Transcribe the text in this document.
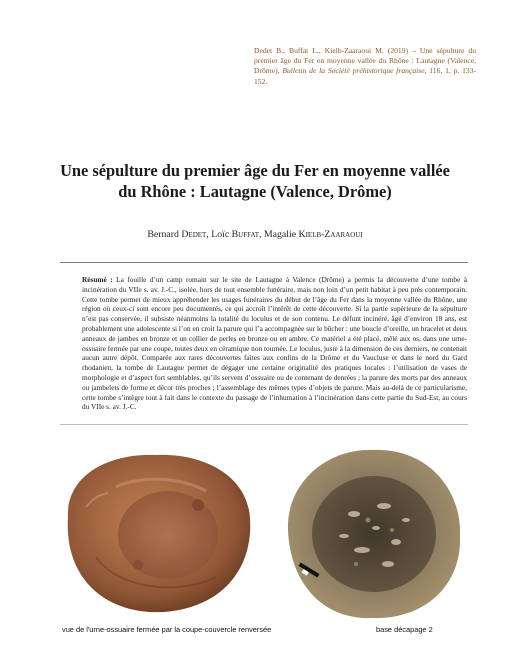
Dedet B., Buffat L., Kielb-Zaaraoui M. (2019) – Une sépulture du premier âge du Fer en moyenne vallée du Rhône : Lautagne (Valence, Drôme), Bulletin de la Société préhistorique française, 116, 1, p. 133-152.
Une sépulture du premier âge du Fer en moyenne vallée du Rhône : Lautagne (Valence, Drôme)
Bernard Dedet, Loïc Buffat, Magalie Kielb-Zaaraoui
Résumé : La fouille d’un camp romain sur le site de Lautagne à Valence (Drôme) a permis la découverte d’une tombe à incinération du VIIe s. av. J.-C., isolée, hors de tout ensemble funéraire, mais non loin d’un petit habitat à peu près contemporain. Cette tombe permet de mieux appréhender les usages funéraires du début de l’âge du Fer dans la moyenne vallée du Rhône, une région où ceux-ci sont encore peu documentés, ce qui accroît l’intérêt de cette découverte. Si la partie supérieure de la sépulture n’est pas conservée, il subsiste néanmoins la totalité du loculus et de son contenu. Le défunt incinéré, âgé d’environ 18 ans, est probablement une adolescente si l’on en croit la parure qui l’a accompagnée sur le bûcher : une boucle d’oreille, un bracelet et deux anneaux de jambes en bronze et un collier de perles en bronze ou en ambre. Ce matériel a été placé, mêlé aux os, dans une urne-ossuaire fermée par une coupe, toutes deux en céramique non tournée. Le loculus, juste à la dimension de ces derniers, ne contenait aucun autre dépôt. Comparée aux rares découvertes faites aux confins de la Drôme et du Vaucluse et dans le nord du Gard rhodanien, la tombe de Lautagne permet de dégager une certaine originalité des pratiques locales : l’utilisation de vases de morphologie et d’aspect fort semblables, qu’ils servent d’ossuaire ou de contenant de denrées ; la parure des morts par des anneaux ou jambelets de forme et décor très proches ; l’assemblage des mêmes types d’objets de parure. Mais au-delà de ce particularisme, cette tombe s’intègre tout à fait dans le contexte du passage de l’inhumation à l’incinération dans cette partie du Sud-Est, au cours du VIIe s. av. J.-C.
vue de l'urne-ossuaire fermée par la coupe-couvercle renversée	base décapage 2
